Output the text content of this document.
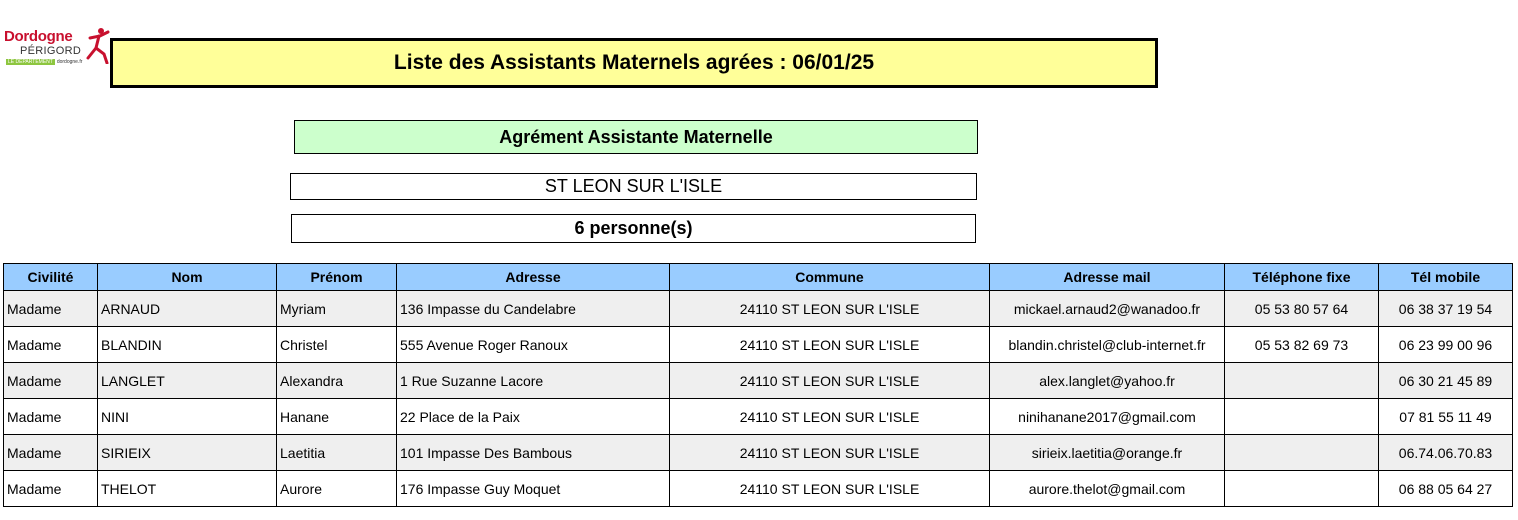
Dordogne
PÉRIGORD
LE DÉPARTEMENT dordogne.fr	Liste des Assistants Maternels agrées : 06/01/25
Agrément Assistante Maternelle
ST LEON SUR L'ISLE
6 personne(s)
Civilité	Nom	Prénom	Adresse	Commune	Adresse mail	Téléphone fixe	Tél mobile
Madame	ARNAUD	Myriam	136 Impasse du Candelabre	24110 ST LEON SUR L'ISLE	mickael.arnaud2@wanadoo.fr	05 53 80 57 64	06 38 37 19 54
Madame	BLANDIN	Christel	555 Avenue Roger Ranoux	24110 ST LEON SUR L'ISLE	blandin.christel@club-internet.fr	05 53 82 69 73	06 23 99 00 96
Madame	LANGLET	Alexandra	1 Rue Suzanne Lacore	24110 ST LEON SUR L'ISLE	alex.langlet@yahoo.fr		06 30 21 45 89
Madame	NINI	Hanane	22 Place de la Paix	24110 ST LEON SUR L'ISLE	ninihanane2017@gmail.com		07 81 55 11 49
Madame	SIRIEIX	Laetitia	101 Impasse Des Bambous	24110 ST LEON SUR L'ISLE	sirieix.laetitia@orange.fr		06.74.06.70.83
Madame	THELOT	Aurore	176 Impasse Guy Moquet	24110 ST LEON SUR L'ISLE	aurore.thelot@gmail.com		06 88 05 64 27
